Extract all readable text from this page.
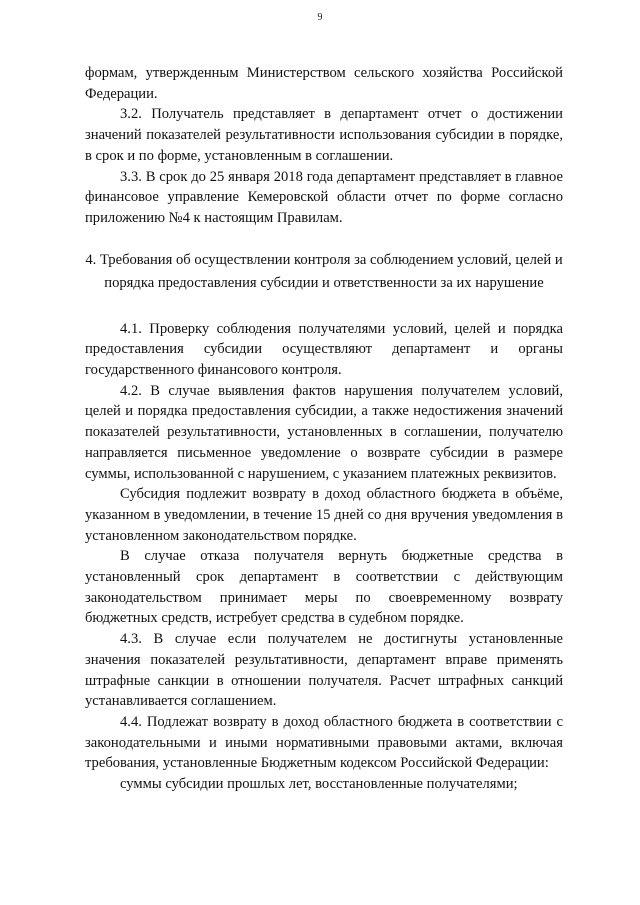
9

формам, утвержденным Министерством сельского хозяйства Российской Федерации.

3.2. Получатель представляет в департамент отчет о достижении значений показателей результативности использования субсидии в порядке, в срок и по форме, установленным в соглашении.

3.3. В срок до 25 января 2018 года департамент представляет в главное финансовое управление Кемеровской области отчет по форме согласно приложению №4 к настоящим Правилам.

4. Требования об осуществлении контроля за соблюдением условий, целей и порядка предоставления субсидии и ответственности за их нарушение

4.1. Проверку соблюдения получателями условий, целей и порядка предоставления субсидии осуществляют департамент и органы государственного финансового контроля.

4.2. В случае выявления фактов нарушения получателем условий, целей и порядка предоставления субсидии, а также недостижения значений показателей результативности, установленных в соглашении, получателю направляется письменное уведомление о возврате субсидии в размере суммы, использованной с нарушением, с указанием платежных реквизитов.

Субсидия подлежит возврату в доход областного бюджета в объёме, указанном в уведомлении, в течение 15 дней со дня вручения уведомления в установленном законодательством порядке.

В случае отказа получателя вернуть бюджетные средства в установленный срок департамент в соответствии с действующим законодательством принимает меры по своевременному возврату бюджетных средств, истребует средства в судебном порядке.

4.3. В случае если получателем не достигнуты установленные значения показателей результативности, департамент вправе применять штрафные санкции в отношении получателя. Расчет штрафных санкций устанавливается соглашением.

4.4. Подлежат возврату в доход областного бюджета в соответствии с законодательными и иными нормативными правовыми актами, включая требования, установленные Бюджетным кодексом Российской Федерации:

суммы субсидии прошлых лет, восстановленные получателями;
